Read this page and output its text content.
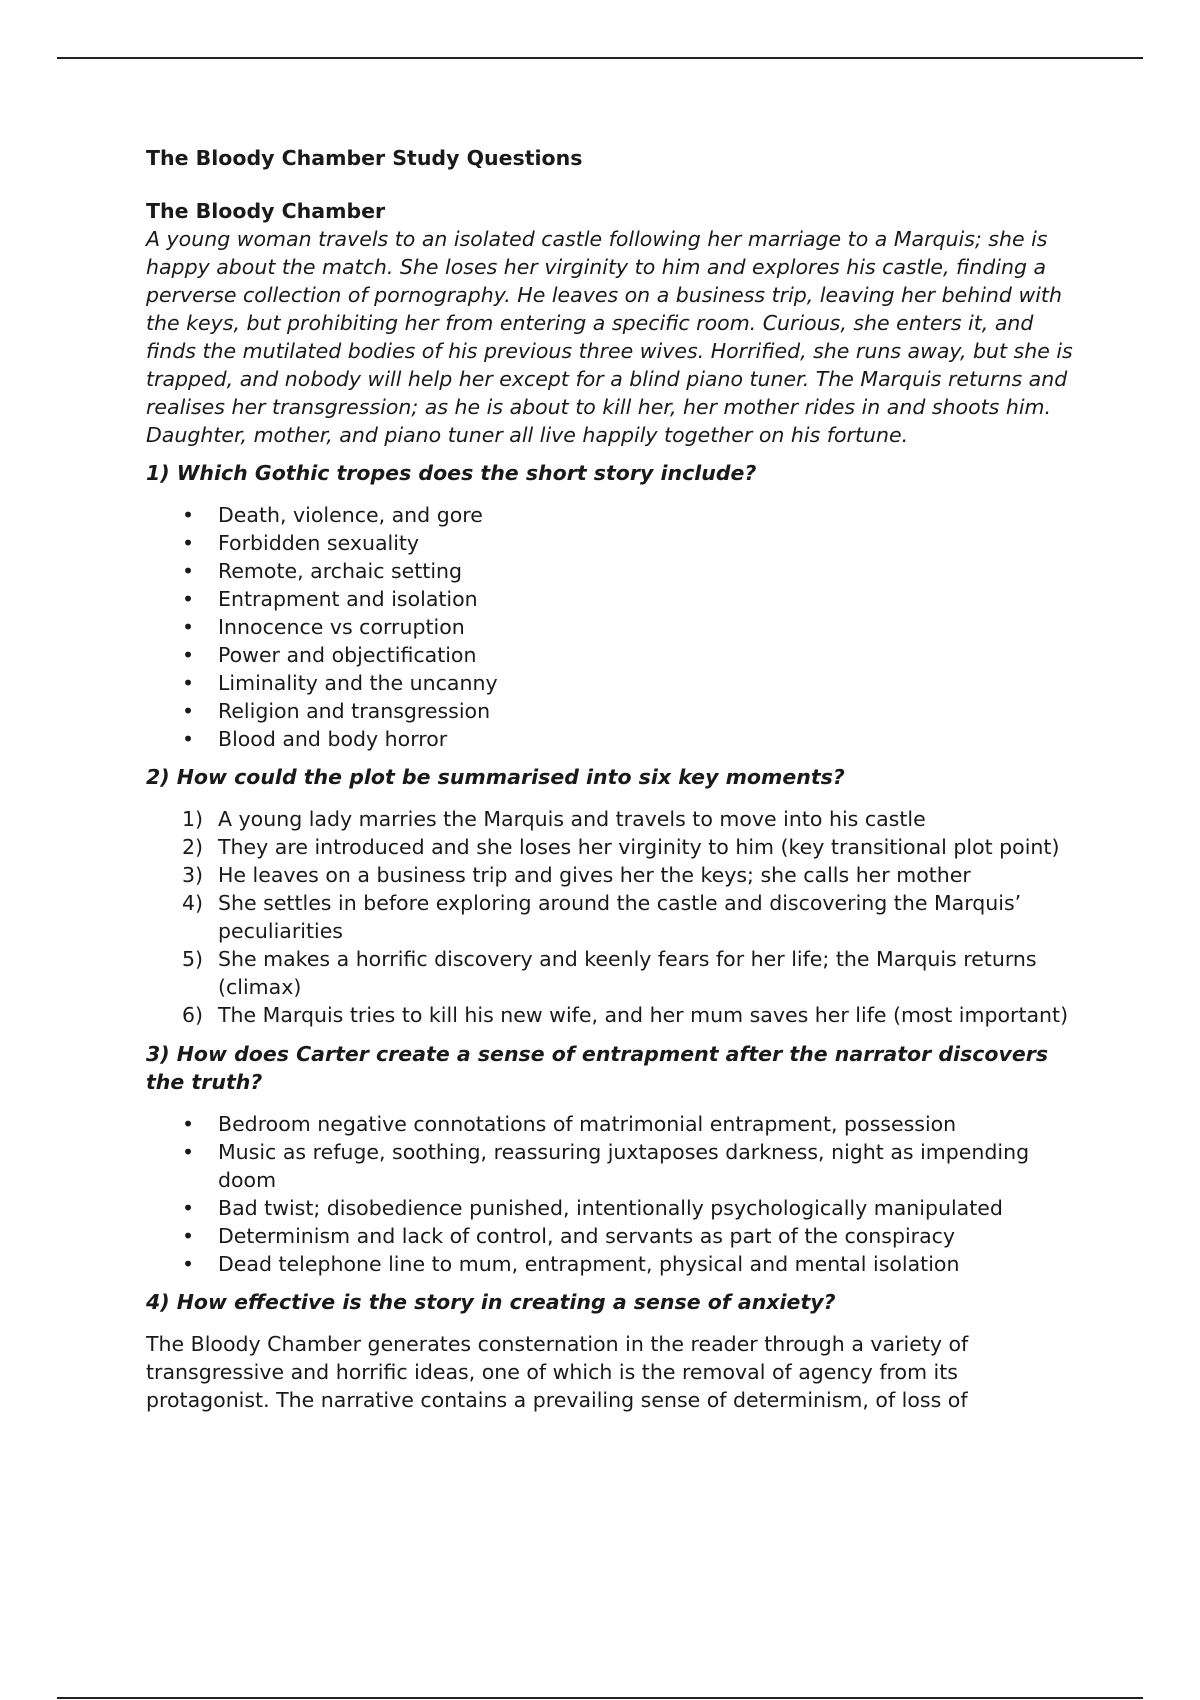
The Bloody Chamber Study Questions

The Bloody Chamber

A young woman travels to an isolated castle following her marriage to a Marquis; she is happy about the match. She loses her virginity to him and explores his castle, finding a perverse collection of pornography. He leaves on a business trip, leaving her behind with the keys, but prohibiting her from entering a specific room. Curious, she enters it, and finds the mutilated bodies of his previous three wives. Horrified, she runs away, but she is trapped, and nobody will help her except for a blind piano tuner. The Marquis returns and realises her transgression; as he is about to kill her, her mother rides in and shoots him. Daughter, mother, and piano tuner all live happily together on his fortune.

1) Which Gothic tropes does the short story include?

• Death, violence, and gore
• Forbidden sexuality
• Remote, archaic setting
• Entrapment and isolation
• Innocence vs corruption
• Power and objectification
• Liminality and the uncanny
• Religion and transgression
• Blood and body horror

2) How could the plot be summarised into six key moments?

1) A young lady marries the Marquis and travels to move into his castle
2) They are introduced and she loses her virginity to him (key transitional plot point)
3) He leaves on a business trip and gives her the keys; she calls her mother
4) She settles in before exploring around the castle and discovering the Marquis’ peculiarities
5) She makes a horrific discovery and keenly fears for her life; the Marquis returns (climax)
6) The Marquis tries to kill his new wife, and her mum saves her life (most important)

3) How does Carter create a sense of entrapment after the narrator discovers the truth?

• Bedroom negative connotations of matrimonial entrapment, possession
• Music as refuge, soothing, reassuring juxtaposes darkness, night as impending doom
• Bad twist; disobedience punished, intentionally psychologically manipulated
• Determinism and lack of control, and servants as part of the conspiracy
• Dead telephone line to mum, entrapment, physical and mental isolation

4) How effective is the story in creating a sense of anxiety?

The Bloody Chamber generates consternation in the reader through a variety of transgressive and horrific ideas, one of which is the removal of agency from its protagonist. The narrative contains a prevailing sense of determinism, of loss of
